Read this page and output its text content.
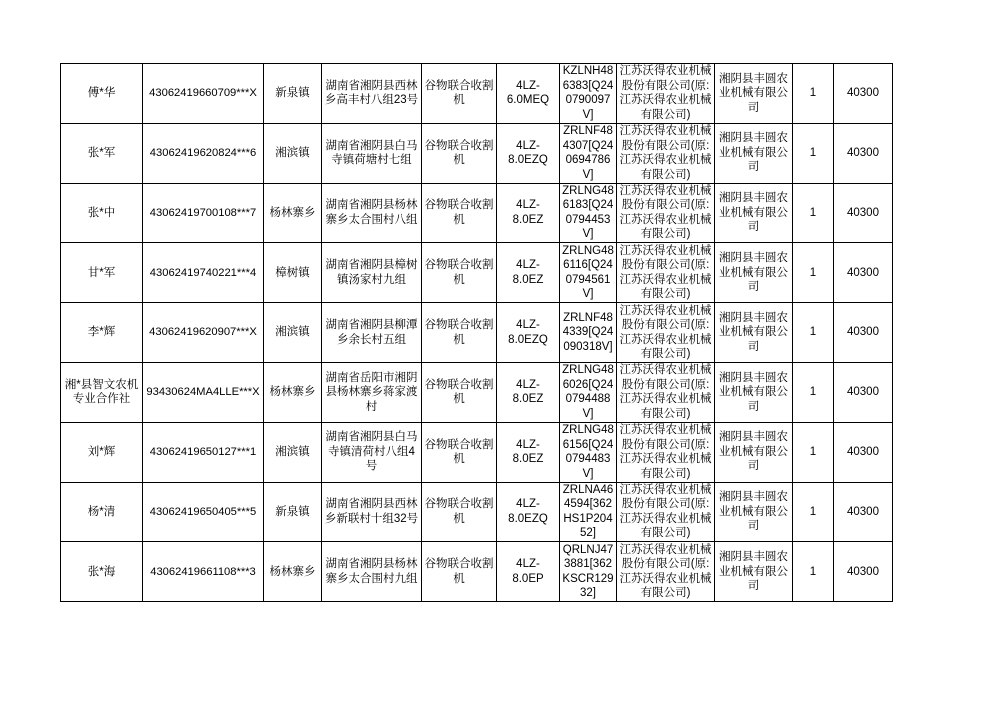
傅*华	43062419660709***X	新泉镇	湖南省湘阴县西林乡高丰村八组23号	谷物联合收割机	4LZ-6.0MEQ	KZLNH486383[Q240790097V]	江苏沃得农业机械股份有限公司(原:江苏沃得农业机械有限公司)	湘阴县丰圆农业机械有限公司	1	40300
张*军	43062419620824***6	湘滨镇	湖南省湘阴县白马寺镇荷塘村七组	谷物联合收割机	4LZ-8.0EZQ	ZRLNF484307[Q240694786V]	江苏沃得农业机械股份有限公司(原:江苏沃得农业机械有限公司)	湘阴县丰圆农业机械有限公司	1	40300
张*中	43062419700108***7	杨林寨乡	湖南省湘阴县杨林寨乡太合围村八组	谷物联合收割机	4LZ-8.0EZ	ZRLNG486183[Q240794453V]	江苏沃得农业机械股份有限公司(原:江苏沃得农业机械有限公司)	湘阴县丰圆农业机械有限公司	1	40300
甘*军	43062419740221***4	樟树镇	湖南省湘阴县樟树镇汤家村九组	谷物联合收割机	4LZ-8.0EZ	ZRLNG486116[Q240794561V]	江苏沃得农业机械股份有限公司(原:江苏沃得农业机械有限公司)	湘阴县丰圆农业机械有限公司	1	40300
李*辉	43062419620907***X	湘滨镇	湖南省湘阴县柳潭乡余长村五组	谷物联合收割机	4LZ-8.0EZQ	ZRLNF484339[Q24090318V]	江苏沃得农业机械股份有限公司(原:江苏沃得农业机械有限公司)	湘阴县丰圆农业机械有限公司	1	40300
湘*县智文农机专业合作社	93430624MA4LLE***X	杨林寨乡	湖南省岳阳市湘阴县杨林寨乡蒋家渡村	谷物联合收割机	4LZ-8.0EZ	ZRLNG486026[Q240794488V]	江苏沃得农业机械股份有限公司(原:江苏沃得农业机械有限公司)	湘阴县丰圆农业机械有限公司	1	40300
刘*辉	43062419650127***1	湘滨镇	湖南省湘阴县白马寺镇清荷村八组4号	谷物联合收割机	4LZ-8.0EZ	ZRLNG486156[Q240794483V]	江苏沃得农业机械股份有限公司(原:江苏沃得农业机械有限公司)	湘阴县丰圆农业机械有限公司	1	40300
杨*清	43062419650405***5	新泉镇	湖南省湘阴县西林乡新联村十组32号	谷物联合收割机	4LZ-8.0EZQ	ZRLNA464594[362HS1P20452]	江苏沃得农业机械股份有限公司(原:江苏沃得农业机械有限公司)	湘阴县丰圆农业机械有限公司	1	40300
张*海	43062419661108***3	杨林寨乡	湖南省湘阴县杨林寨乡太合围村九组	谷物联合收割机	4LZ-8.0EP	QRLNJ473881[362KSCR12932]	江苏沃得农业机械股份有限公司(原:江苏沃得农业机械有限公司)	湘阴县丰圆农业机械有限公司	1	40300
